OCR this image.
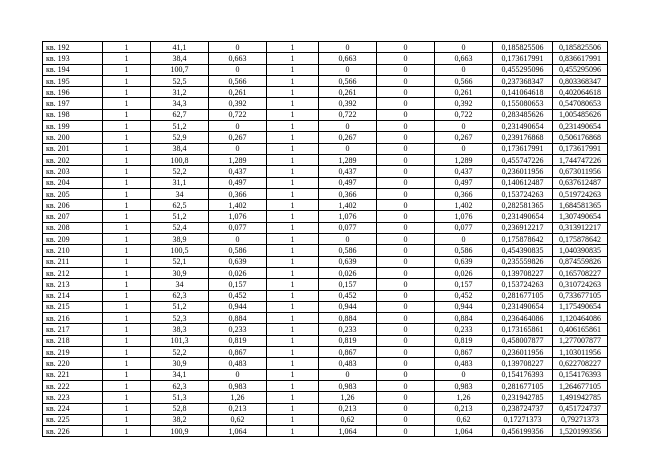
кв. 192	1	41,1	0	1	0	0	0	0,185825506	0,185825506
кв. 193	1	38,4	0,663	1	0,663	0	0,663	0,173617991	0,836617991
кв. 194	1	100,7	0	1	0	0	0	0,455295096	0,455295096
кв. 195	1	52,5	0,566	1	0,566	0	0,566	0,237368347	0,803368347
кв. 196	1	31,2	0,261	1	0,261	0	0,261	0,141064618	0,402064618
кв. 197	1	34,3	0,392	1	0,392	0	0,392	0,155080653	0,547080653
кв. 198	1	62,7	0,722	1	0,722	0	0,722	0,283485626	1,005485626
кв. 199	1	51,2	0	1	0	0	0	0,231490654	0,231490654
кв. 200	1	52,9	0,267	1	0,267	0	0,267	0,239176868	0,506176868
кв. 201	1	38,4	0	1	0	0	0	0,173617991	0,173617991
кв. 202	1	100,8	1,289	1	1,289	0	1,289	0,455747226	1,744747226
кв. 203	1	52,2	0,437	1	0,437	0	0,437	0,236011956	0,673011956
кв. 204	1	31,1	0,497	1	0,497	0	0,497	0,140612487	0,637612487
кв. 205	1	34	0,366	1	0,366	0	0,366	0,153724263	0,519724263
кв. 206	1	62,5	1,402	1	1,402	0	1,402	0,282581365	1,684581365
кв. 207	1	51,2	1,076	1	1,076	0	1,076	0,231490654	1,307490654
кв. 208	1	52,4	0,077	1	0,077	0	0,077	0,236912217	0,313912217
кв. 209	1	38,9	0	1	0	0	0	0,175878642	0,175878642
кв. 210	1	100,5	0,586	1	0,586	0	0,586	0,454390835	1,040390835
кв. 211	1	52,1	0,639	1	0,639	0	0,639	0,235559826	0,874559826
кв. 212	1	30,9	0,026	1	0,026	0	0,026	0,139708227	0,165708227
кв. 213	1	34	0,157	1	0,157	0	0,157	0,153724263	0,310724263
кв. 214	1	62,3	0,452	1	0,452	0	0,452	0,281677105	0,733677105
кв. 215	1	51,2	0,944	1	0,944	0	0,944	0,231490654	1,175490654
кв. 216	1	52,3	0,884	1	0,884	0	0,884	0,236464086	1,120464086
кв. 217	1	38,3	0,233	1	0,233	0	0,233	0,173165861	0,406165861
кв. 218	1	101,3	0,819	1	0,819	0	0,819	0,458007877	1,277007877
кв. 219	1	52,2	0,867	1	0,867	0	0,867	0,236011956	1,103011956
кв. 220	1	30,9	0,483	1	0,483	0	0,483	0,139708227	0,622708227
кв. 221	1	34,1	0	1	0	0	0	0,154176393	0,154176393
кв. 222	1	62,3	0,983	1	0,983	0	0,983	0,281677105	1,264677105
кв. 223	1	51,3	1,26	1	1,26	0	1,26	0,231942785	1,491942785
кв. 224	1	52,8	0,213	1	0,213	0	0,213	0,238724737	0,451724737
кв. 225	1	38,2	0,62	1	0,62	0	0,62	0,17271373	0,79271373
кв. 226	1	100,9	1,064	1	1,064	0	1,064	0,456199356	1,520199356
